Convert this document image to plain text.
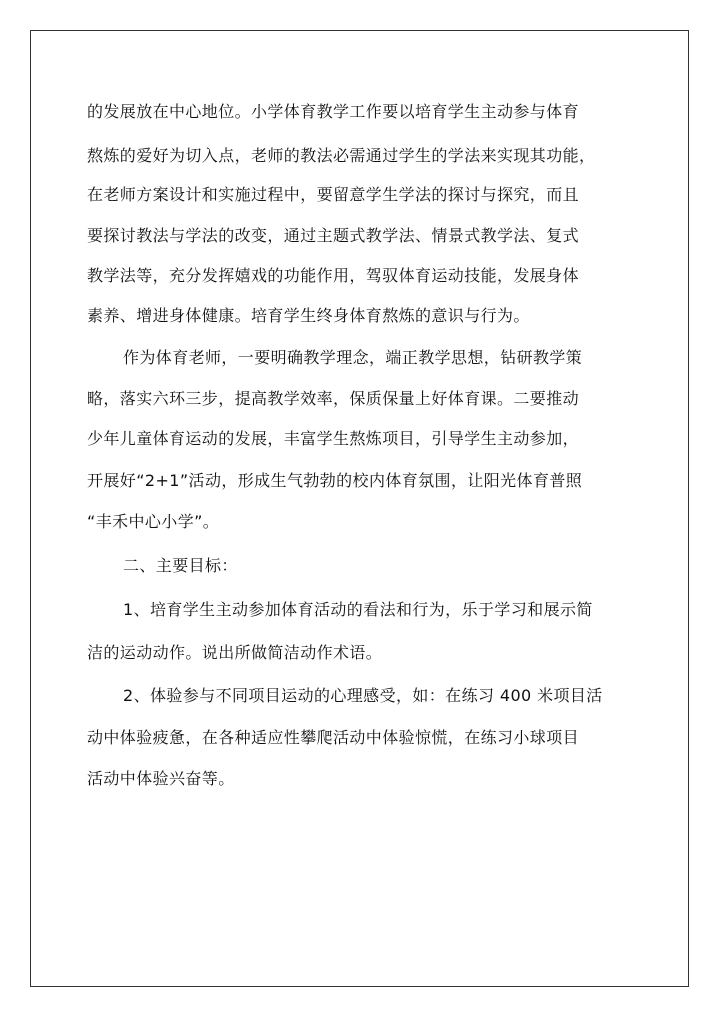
的发展放在中心地位。小学体育教学工作要以培育学生主动参与体育

熬炼的爱好为切入点，老师的教法必需通过学生的学法来实现其功能，

在老师方案设计和实施过程中，要留意学生学法的探讨与探究，而且

要探讨教法与学法的改变，通过主题式教学法、情景式教学法、复式

教学法等，充分发挥嬉戏的功能作用，驾驭体育运动技能，发展身体

素养、增进身体健康。培育学生终身体育熬炼的意识与行为。

作为体育老师，一要明确教学理念，端正教学思想，钻研教学策

略，落实六环三步，提高教学效率，保质保量上好体育课。二要推动

少年儿童体育运动的发展，丰富学生熬炼项目，引导学生主动参加，

开展好“2+1”活动，形成生气勃勃的校内体育氛围，让阳光体育普照

“丰禾中心小学”。

二、主要目标：

1、培育学生主动参加体育活动的看法和行为，乐于学习和展示简

洁的运动动作。说出所做简洁动作术语。

2、体验参与不同项目运动的心理感受，如：在练习 400 米项目活

动中体验疲惫，在各种适应性攀爬活动中体验惊慌，在练习小球项目

活动中体验兴奋等。
